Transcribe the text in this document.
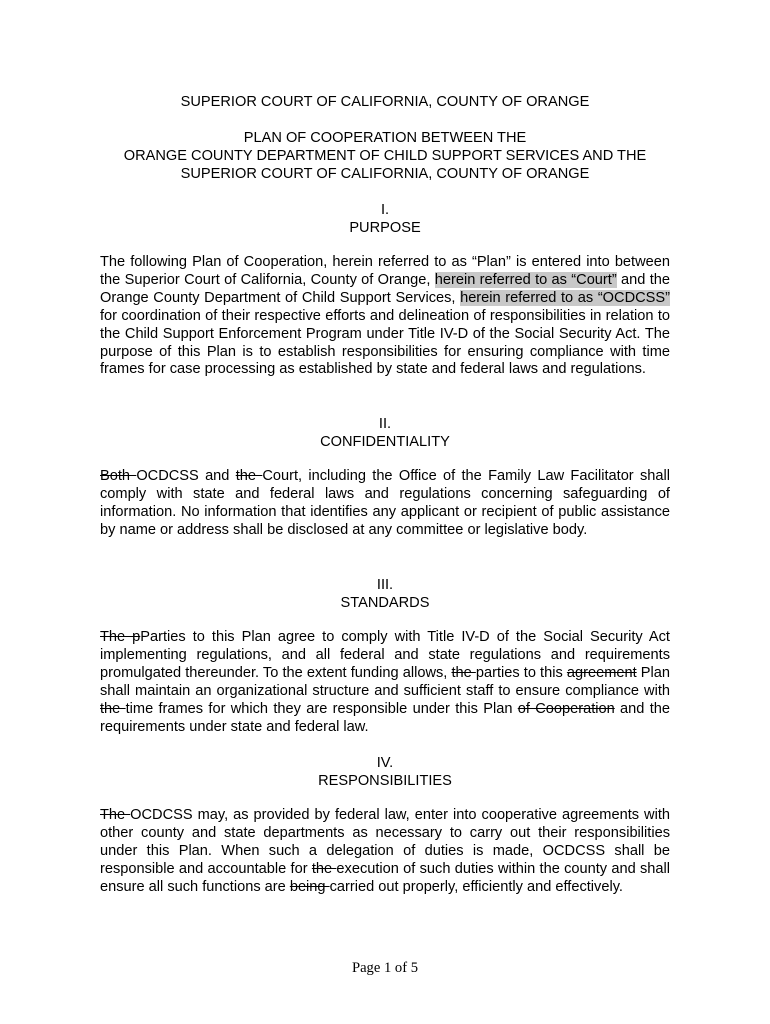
SUPERIOR COURT OF CALIFORNIA, COUNTY OF ORANGE
PLAN OF COOPERATION BETWEEN THE
ORANGE COUNTY DEPARTMENT OF CHILD SUPPORT SERVICES AND THE
SUPERIOR COURT OF CALIFORNIA, COUNTY OF ORANGE
I.
PURPOSE
The following Plan of Cooperation, herein referred to as “Plan” is entered into between the Superior Court of California, County of Orange, herein referred to as “Court” and the Orange County Department of Child Support Services, herein referred to as “OCDCSS” for coordination of their respective efforts and delineation of responsibilities in relation to the Child Support Enforcement Program under Title IV-D of the Social Security Act. The purpose of this Plan is to establish responsibilities for ensuring compliance with time frames for case processing as established by state and federal laws and regulations.
II.
CONFIDENTIALITY
Both OCDCSS and the Court, including the Office of the Family Law Facilitator shall comply with state and federal laws and regulations concerning safeguarding of information. No information that identifies any applicant or recipient of public assistance by name or address shall be disclosed at any committee or legislative body.
III.
STANDARDS
The pParties to this Plan agree to comply with Title IV-D of the Social Security Act implementing regulations, and all federal and state regulations and requirements promulgated thereunder. To the extent funding allows, the parties to this agreement Plan shall maintain an organizational structure and sufficient staff to ensure compliance with the time frames for which they are responsible under this Plan of Cooperation and the requirements under state and federal law.
IV.
RESPONSIBILITIES
The OCDCSS may, as provided by federal law, enter into cooperative agreements with other county and state departments as necessary to carry out their responsibilities under this Plan. When such a delegation of duties is made, OCDCSS shall be responsible and accountable for the execution of such duties within the county and shall ensure all such functions are being carried out properly, efficiently and effectively.
Page 1 of 5
